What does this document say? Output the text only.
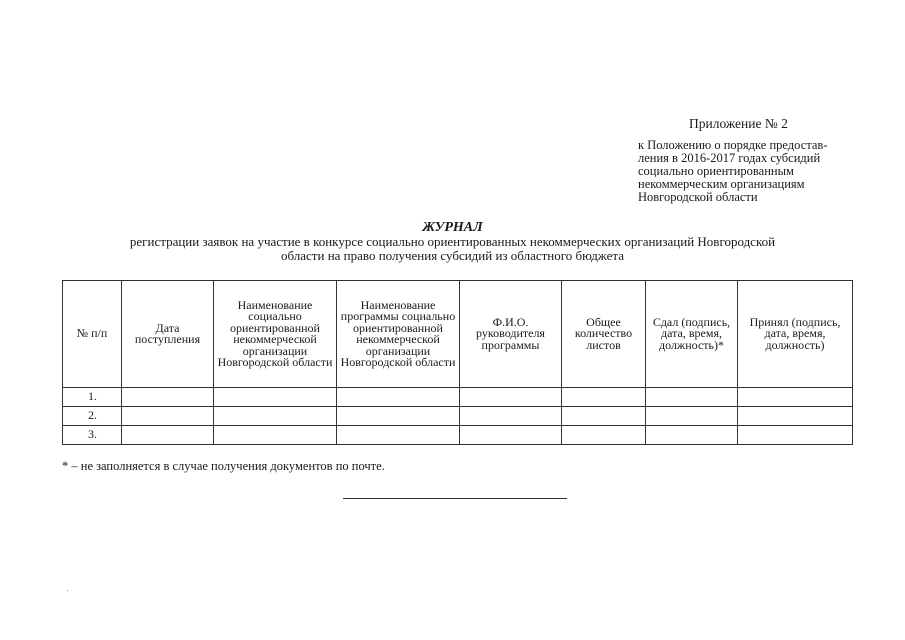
Приложение № 2
к Положению о порядке предостав-
ления в 2016-2017 годах субсидий
социально ориентированным
некоммерческим организациям
Новгородской области
ЖУРНАЛ
регистрации заявок на участие в конкурсе социально ориентированных некоммерческих организаций Новгородской
области на право получения субсидий из областного бюджета
№ п/п	Дата поступления	Наименование социально ориентированной некоммерческой организации Новгородской области	Наименование программы социально ориентированной некоммерческой организации Новгородской области	Ф.И.О. руководителя программы	Общее количество листов	Сдал (подпись, дата, время, должность)*	Принял (подпись, дата, время, должность)
1.							
2.							
3.							
* – не заполняется в случае получения документов по почте.
